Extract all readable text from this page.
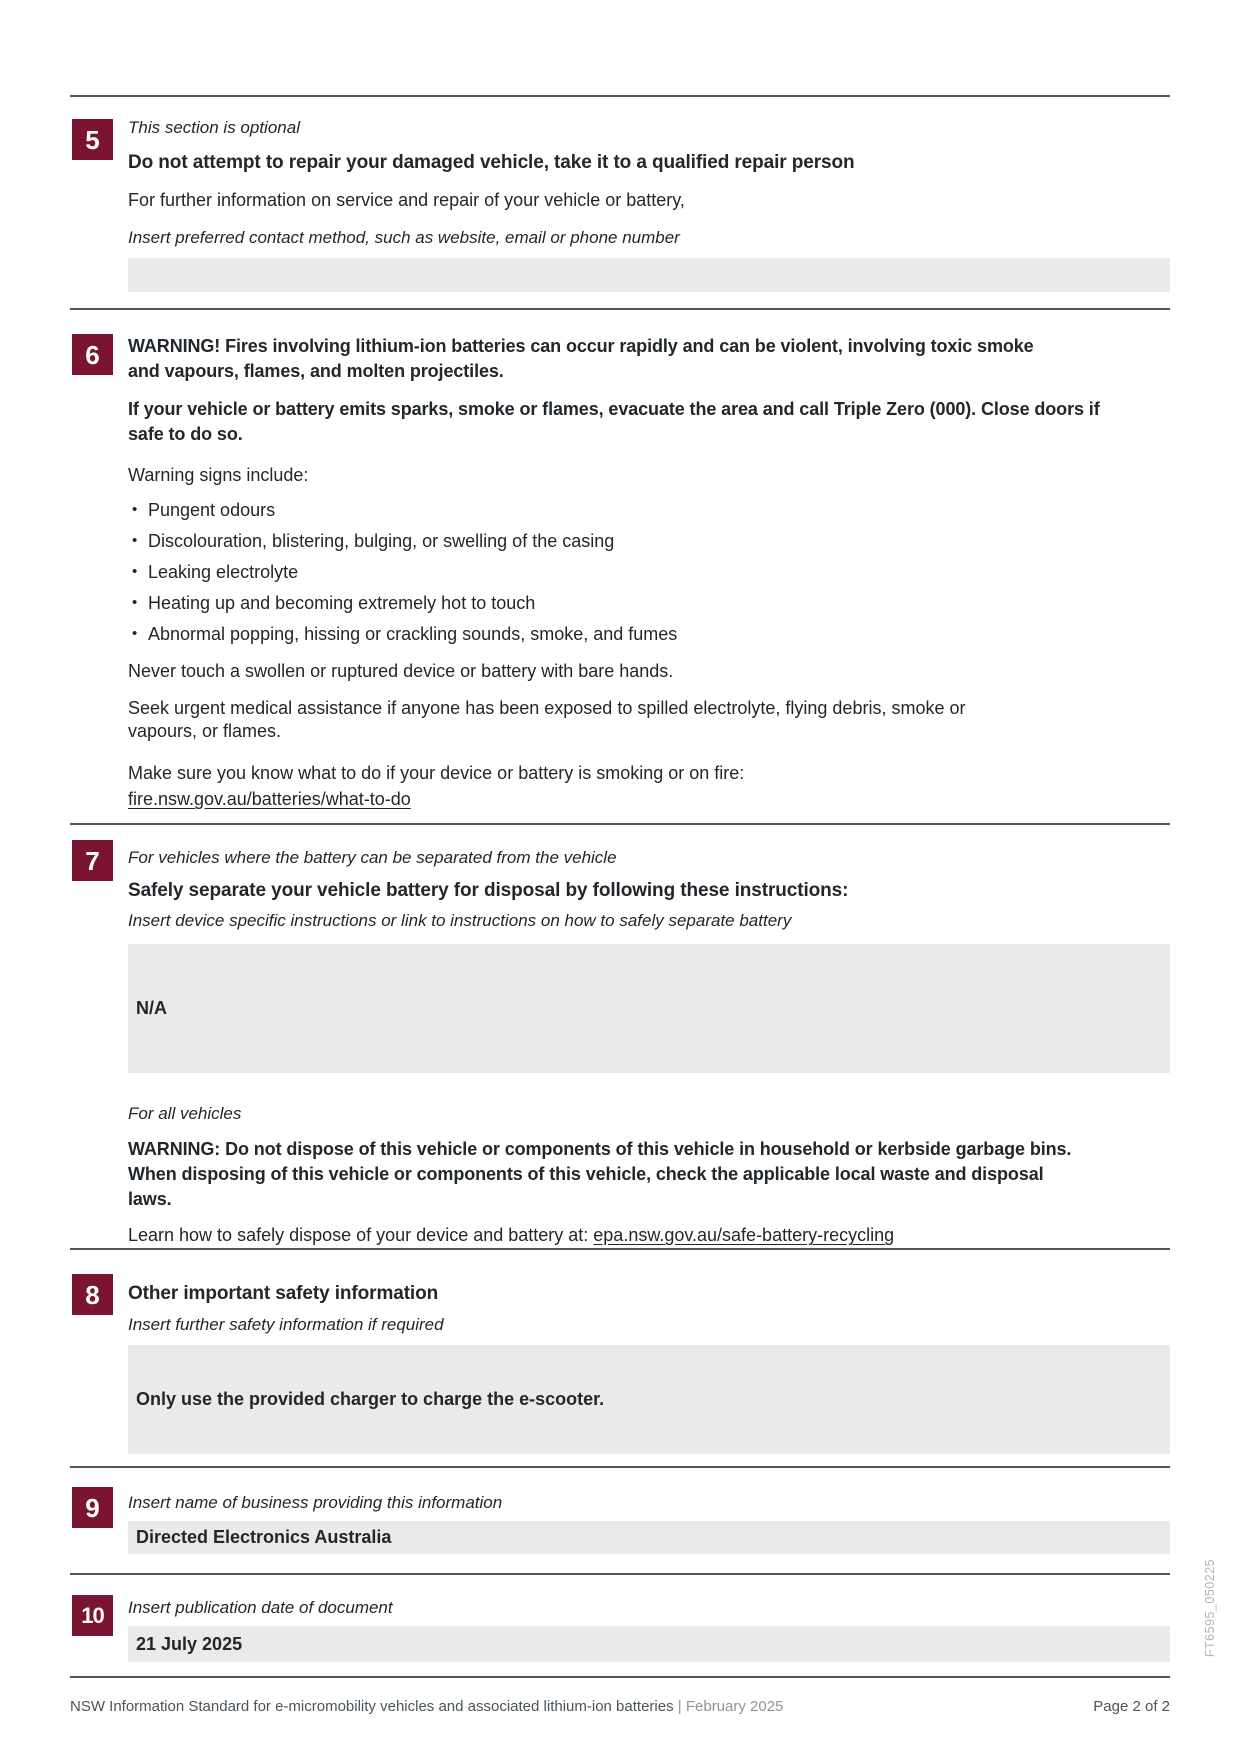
5 This section is optional
Do not attempt to repair your damaged vehicle, take it to a qualified repair person
For further information on service and repair of your vehicle or battery,
Insert preferred contact method, such as website, email or phone number
6 WARNING! Fires involving lithium-ion batteries can occur rapidly and can be violent, involving toxic smoke and vapours, flames, and molten projectiles.
If your vehicle or battery emits sparks, smoke or flames, evacuate the area and call Triple Zero (000). Close doors if safe to do so.
Warning signs include:
• Pungent odours
• Discolouration, blistering, bulging, or swelling of the casing
• Leaking electrolyte
• Heating up and becoming extremely hot to touch
• Abnormal popping, hissing or crackling sounds, smoke, and fumes
Never touch a swollen or ruptured device or battery with bare hands.
Seek urgent medical assistance if anyone has been exposed to spilled electrolyte, flying debris, smoke or vapours, or flames.
Make sure you know what to do if your device or battery is smoking or on fire:
fire.nsw.gov.au/batteries/what-to-do
7 For vehicles where the battery can be separated from the vehicle
Safely separate your vehicle battery for disposal by following these instructions:
Insert device specific instructions or link to instructions on how to safely separate battery
N/A
For all vehicles
WARNING: Do not dispose of this vehicle or components of this vehicle in household or kerbside garbage bins. When disposing of this vehicle or components of this vehicle, check the applicable local waste and disposal laws.
Learn how to safely dispose of your device and battery at: epa.nsw.gov.au/safe-battery-recycling
8 Other important safety information
Insert further safety information if required
Only use the provided charger to charge the e-scooter.
9 Insert name of business providing this information
Directed Electronics Australia
10 Insert publication date of document
21 July 2025
NSW Information Standard for e-micromobility vehicles and associated lithium-ion batteries | February 2025	Page 2 of 2
FT6595_050225
